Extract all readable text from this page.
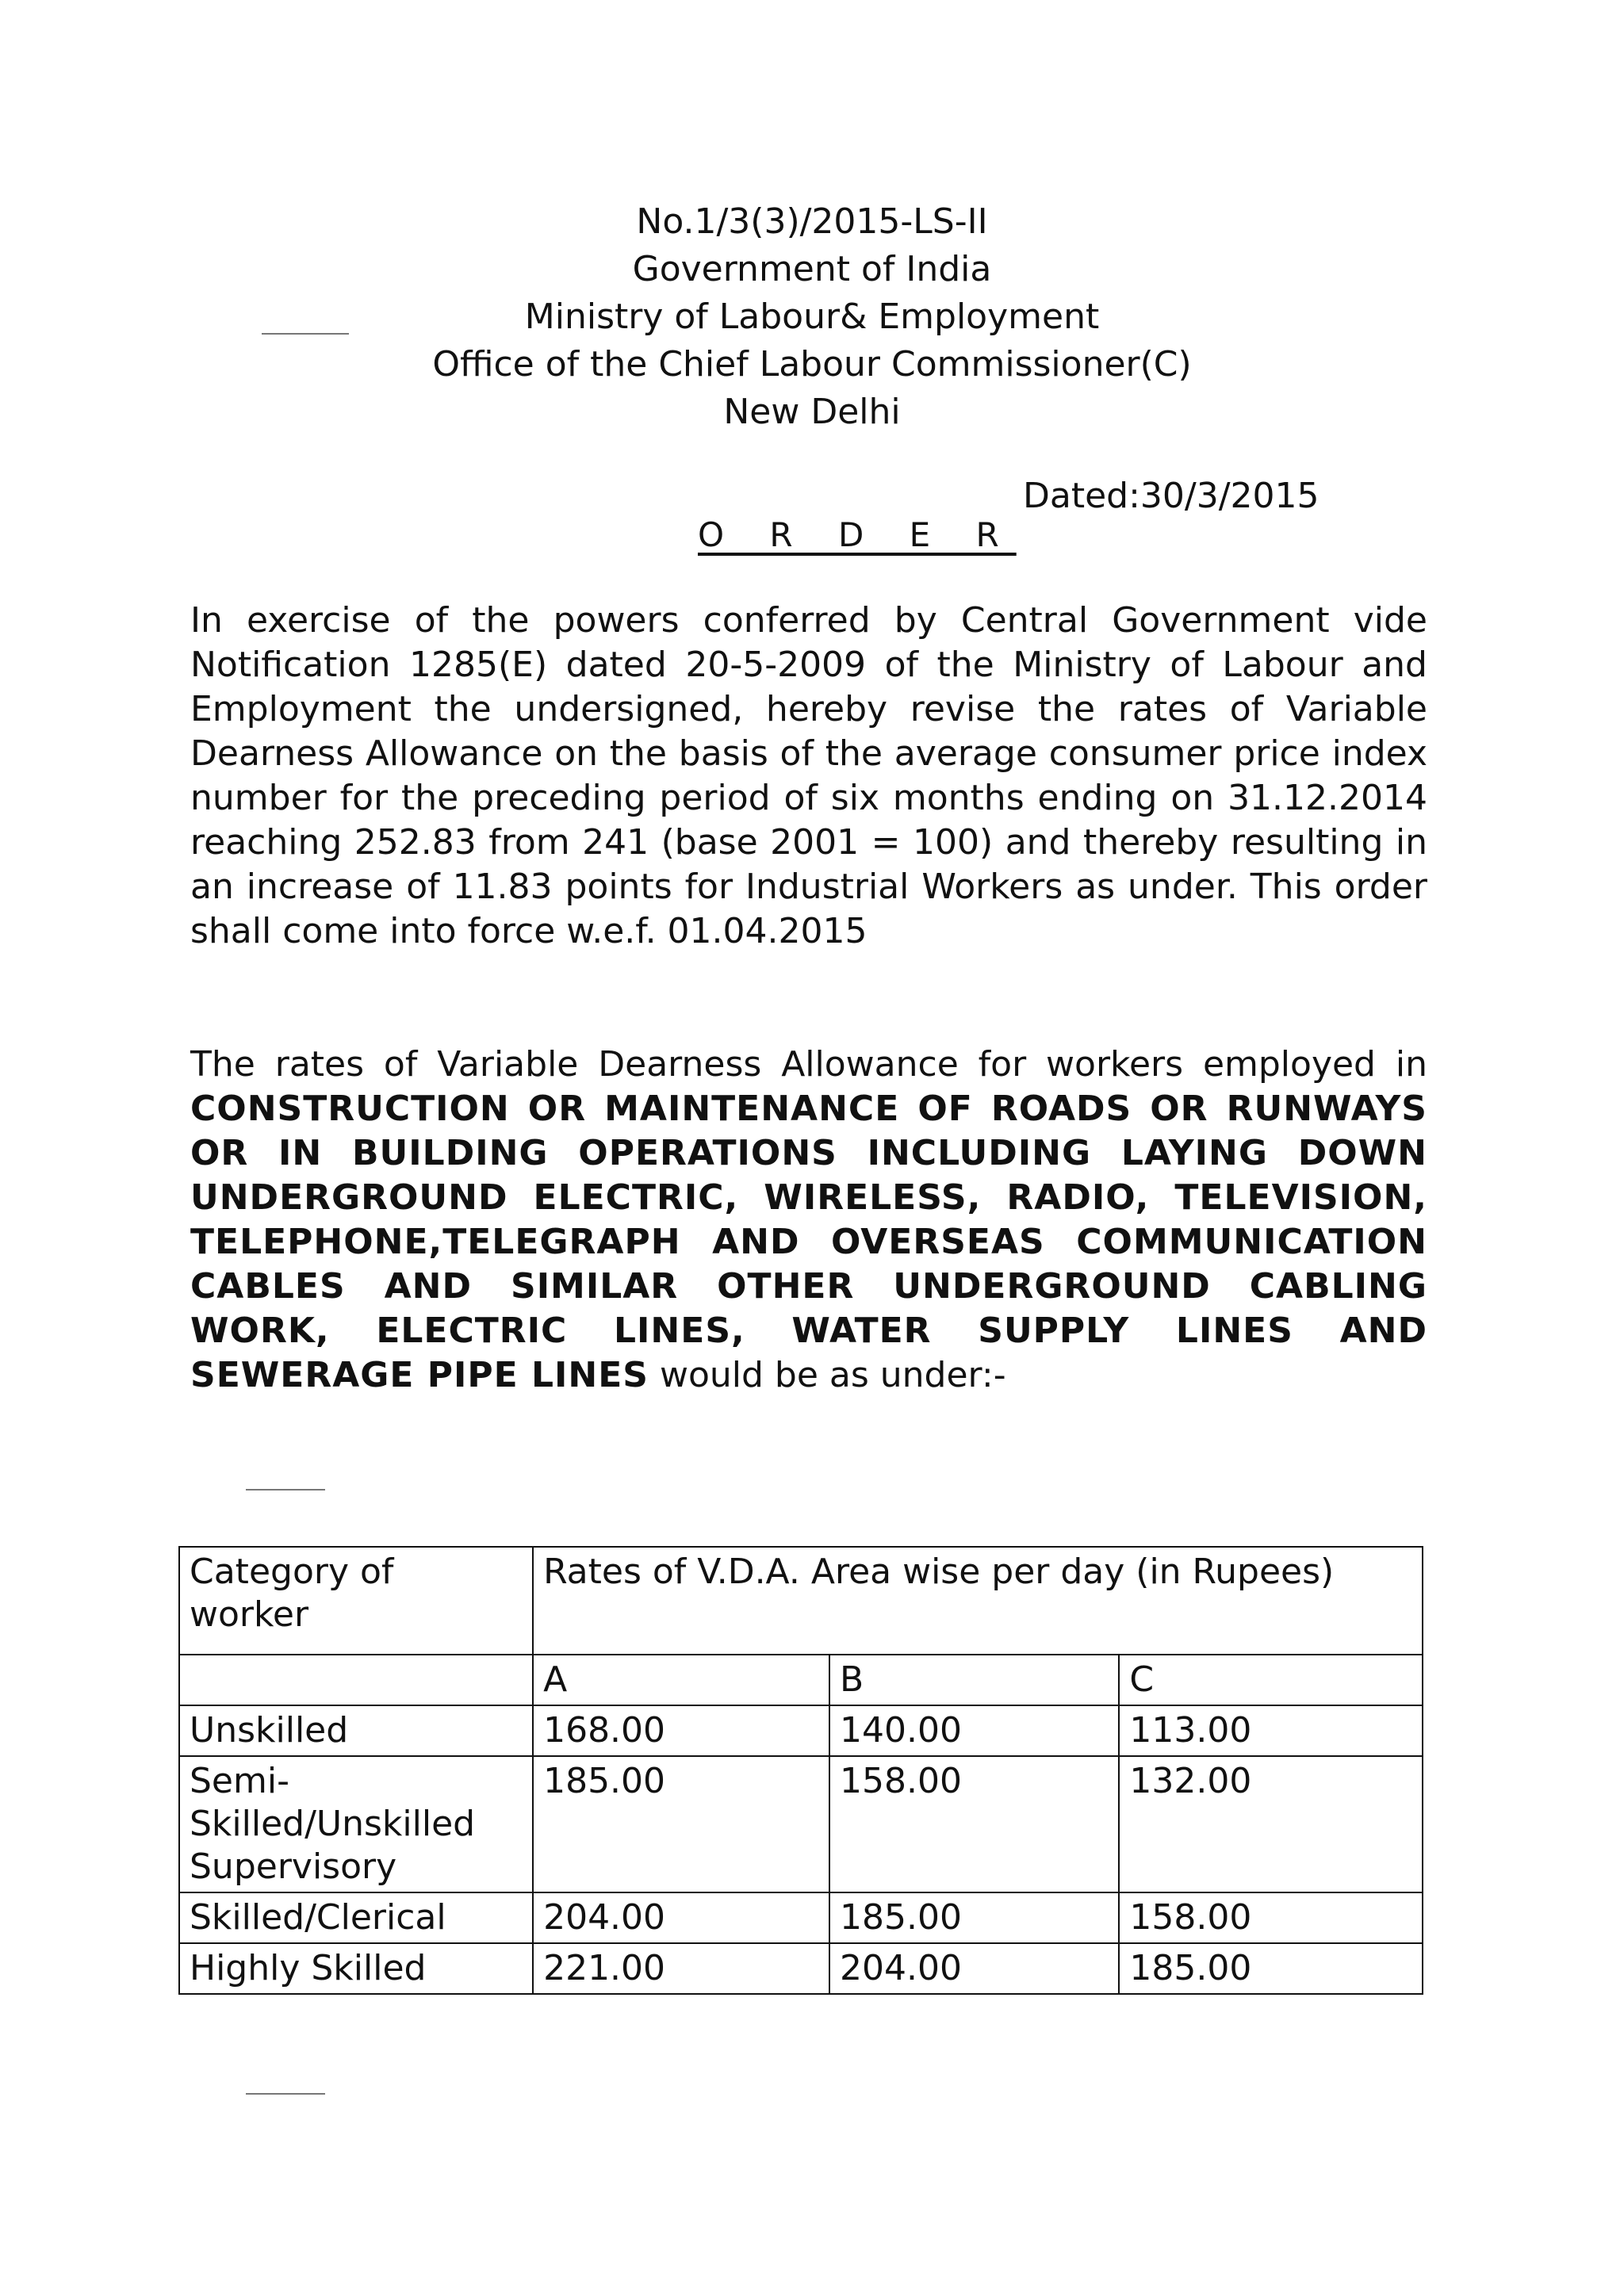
No.1/3(3)/2015-LS-II
Government of India
Ministry of Labour& Employment
Office of the Chief Labour Commissioner(C)
New Delhi
Dated:30/3/2015
O R D E R
In exercise of the powers conferred by Central Government vide Notification 1285(E) dated 20-5-2009 of the Ministry of Labour and Employment the undersigned, hereby revise the rates of Variable Dearness Allowance on the basis of the average consumer price index number for the preceding period of six months ending on 31.12.2014 reaching 252.83 from 241 (base 2001 = 100) and thereby resulting in an increase of 11.83 points for Industrial Workers as under. This order shall come into force w.e.f. 01.04.2015
The rates of Variable Dearness Allowance for workers employed in CONSTRUCTION OR MAINTENANCE OF ROADS OR RUNWAYS OR IN BUILDING OPERATIONS INCLUDING LAYING DOWN UNDERGROUND ELECTRIC, WIRELESS, RADIO, TELEVISION, TELEPHONE,TELEGRAPH AND OVERSEAS COMMUNICATION CABLES AND SIMILAR OTHER UNDERGROUND CABLING WORK, ELECTRIC LINES, WATER SUPPLY LINES AND SEWERAGE PIPE LINES would be as under:-
Category of worker	Rates of V.D.A. Area wise per day (in Rupees)		
	A	B	C
Unskilled	168.00	140.00	113.00
Semi-Skilled/Unskilled Supervisory	185.00	158.00	132.00
Skilled/Clerical	204.00	185.00	158.00
Highly Skilled	221.00	204.00	185.00
